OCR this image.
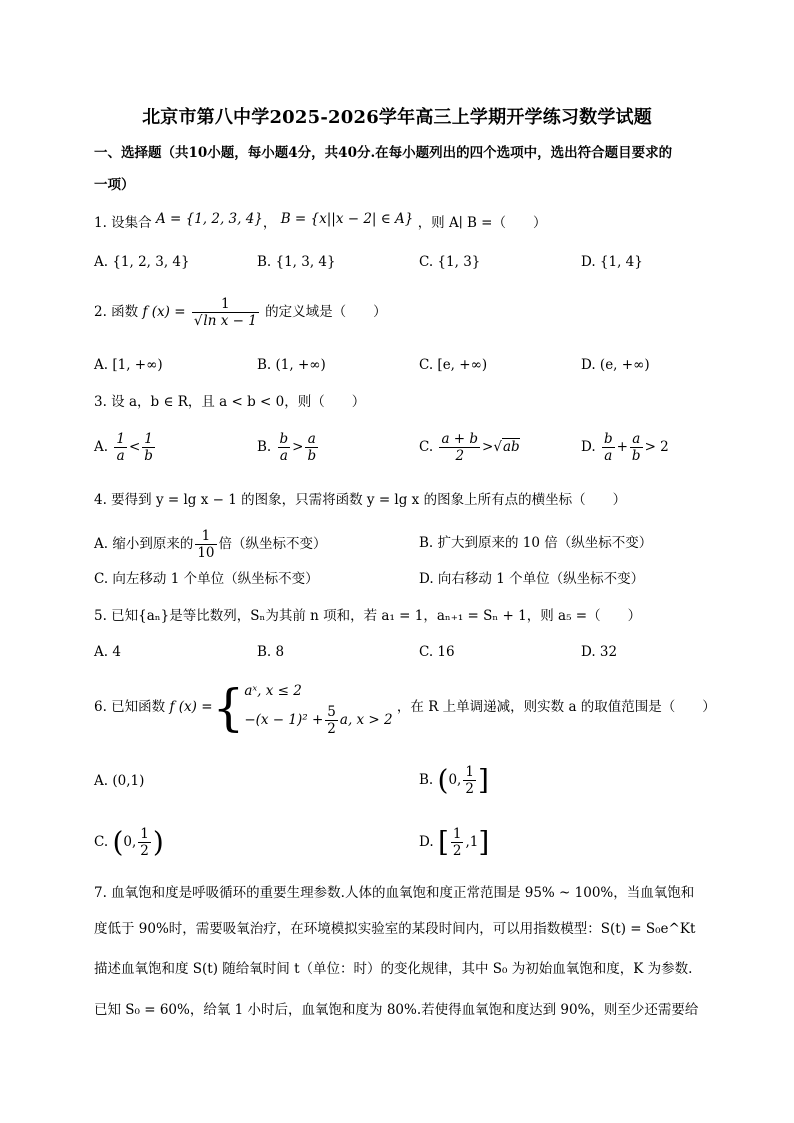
北京市第八中学2025-2026学年高三上学期开学练习数学试题
一、选择题（共10小题，每小题4分，共40分.在每小题列出的四个选项中，选出符合题目要求的
一项）
1. 设集合 A = {1, 2, 3, 4}， B = {x||x − 2| ∈ A} ，则 A∣ B =（　　）
A. {1, 2, 3, 4}	B. {1, 3, 4}	C. {1, 3}	D. {1, 4}
2. 函数 f $(x) = \frac{1}{\text{√ln x − 1}}$ 的定义域是（　　）
A. [1, +∞)	B. (1, +∞)	C. [e, +∞)	D. (e, +∞)
3. 设 a，b ∈ R，且 a < b < 0，则（　　）
A. $\frac{1}{a} < \frac{1}{b}$	B. $\frac{b}{a} > \frac{a}{b}$	C. $\frac{a + b}{2} >√ab$	D. $\frac{b}{a} + \frac{a}{b} > 2$
4. 要得到 y = lg x − 1 的图象，只需将函数 y = lg x 的图象上所有点的横坐标（　　）
A. 缩小到原来的 $\frac{1}{10}$ 倍（纵坐标不变）	B. 扩大到原来的 10 倍（纵坐标不变）
C. 向左移动 1 个单位（纵坐标不变）	D. 向右移动 1 个单位（纵坐标不变）
5. 已知{aₙ}是等比数列，Sₙ为其前 n 项和，若 a₁ = 1，aₙ₊₁ = Sₙ + 1，则 a₅ =（　　）
A. 4	B. 8	C. 16	D. 32
6. 已知函数 f (x) ={ aˣ, x ≤ 2
$-(x - 1)^2 + \frac{5}{2} a$, x > 2
，在 R 上单调递减，则实数 a 的取值范围是（　　）
A. (0,1)	B. (0, $\frac{1}{2}$ ]
C. (0, $\frac{1}{2}$ )	D. [ $\frac{1}{2} ,1$]
7. 血氧饱和度是呼吸循环的重要生理参数.人体的血氧饱和度正常范围是 95% ~ 100%，当血氧饱和
度低于 90%时，需要吸氧治疗，在环境模拟实验室的某段时间内，可以用指数模型：S(t) = S₀e^Kt
描述血氧饱和度 S(t) 随给氧时间 t（单位：时）的变化规律，其中 S₀ 为初始血氧饱和度，K 为参数.
已知 S₀ = 60%，给氧 1 小时后，血氧饱和度为 80%.若使得血氧饱和度达到 90%，则至少还需要给
